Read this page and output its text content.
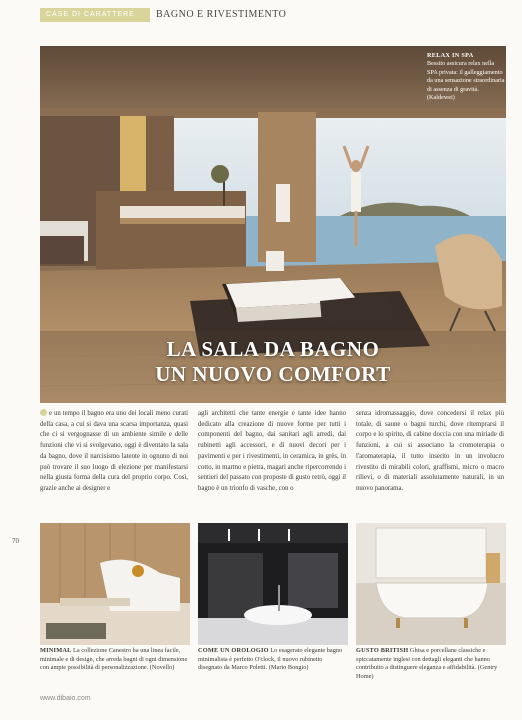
CASE DI CARATTERE	BAGNO E RIVESTIMENTO
RELAX IN SPA
Bessito assicura relax nella SPA privata: il galleggiamento da una sensazione straordinaria di assenza di gravità. (Kaldewei)
LA SALA DA BAGNO
UN NUOVO COMFORT
e un tempo il bagno era uno dei locali meno curati della casa, a cui si dava una scarsa importanza, quasi che ci si vergognasse di un ambiente simile e delle funzioni che vi si svolgevano, oggi è diventato la sala da bagno, dove il narcisismo latente in ognuno di noi può trovare il suo luogo di elezione per manifestarsi nella giusta forma della cura del proprio corpo. Così, grazie anche ai designer e
agli architetti che tante energie e tante idee hanno dedicato alla creazione di nuove forme per tutti i componenti del bagno, dai sanitari agli arredi, dai rubinetti agli accessori, e di nuovi decori per i pavimenti e per i rivestimenti, in ceramica, in grès, in cotto, in marmo e pietra, magari anche ripercorrendo i sentieri del passato con proposte di gusto retrò, oggi il bagno è un trionfo di vasche, con o
senza idromassaggio, dove concedersi il relax più totale, di saune o bagni turchi, dove ritemprarsi il corpo e lo spirito, di cabine doccia con una miriade di funzioni, a cui si associano la cromoterapia o l'aromaterapia, il tutto inserito in un involucro rivestito di mirabili colori, graffismi, micro o macro rilievi, o di materiali assolutamente naturali, in un nuovo panorama.
70
MINIMAL La collezione Canestro ha una linea facile, minimale e di design, che arreda bagni di ogni dimensione con ampie possibilità di personalizzazione. (Novello)
COME UN OROLOGIO Lo esagerato elegante bagno minimalista è perfetto O'clock, il nuovo rubinetto disegnato da Marco Poletti. (Mario Bongio)
GUSTO BRITISH Ghisa e porcellane classiche e spiccatamente inglesi con dettagli eleganti che hanno contribuito a distinguere eleganza e affidabilità. (Gentry Home)
www.dibaio.com
